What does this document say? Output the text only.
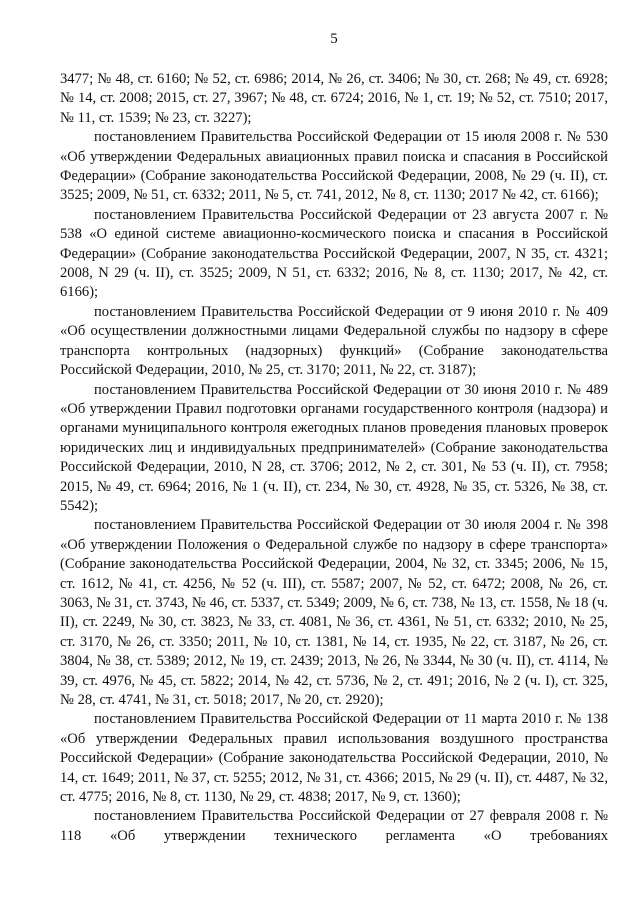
5

3477; № 48, ст. 6160; № 52, ст. 6986; 2014, № 26, ст. 3406; № 30, ст. 268; № 49, ст. 6928; № 14, ст. 2008; 2015, ст. 27, 3967; № 48, ст. 6724; 2016, № 1, ст. 19; № 52, ст. 7510; 2017, № 11, ст. 1539; № 23, ст. 3227);

постановлением Правительства Российской Федерации от 15 июля 2008 г. № 530 «Об утверждении Федеральных авиационных правил поиска и спасания в Российской Федерации» (Собрание законодательства Российской Федерации, 2008, № 29 (ч. II), ст. 3525; 2009, № 51, ст. 6332; 2011, № 5, ст. 741, 2012, № 8, ст. 1130; 2017 № 42, ст. 6166);

постановлением Правительства Российской Федерации от 23 августа 2007 г. № 538 «О единой системе авиационно-космического поиска и спасания в Российской Федерации» (Собрание законодательства Российской Федерации, 2007, N 35, ст. 4321; 2008, N 29 (ч. II), ст. 3525; 2009, N 51, ст. 6332; 2016, № 8, ст. 1130; 2017, № 42, ст. 6166);

постановлением Правительства Российской Федерации от 9 июня 2010 г. № 409 «Об осуществлении должностными лицами Федеральной службы по надзору в сфере транспорта контрольных (надзорных) функций» (Собрание законодательства Российской Федерации, 2010, № 25, ст. 3170; 2011, № 22, ст. 3187);

постановлением Правительства Российской Федерации от 30 июня 2010 г. № 489 «Об утверждении Правил подготовки органами государственного контроля (надзора) и органами муниципального контроля ежегодных планов проведения плановых проверок юридических лиц и индивидуальных предпринимателей» (Собрание законодательства Российской Федерации, 2010, N 28, ст. 3706; 2012, № 2, ст. 301, № 53 (ч. II), ст. 7958; 2015, № 49, ст. 6964; 2016, № 1 (ч. II), ст. 234, № 30, ст. 4928, № 35, ст. 5326, № 38, ст. 5542);

постановлением Правительства Российской Федерации от 30 июля 2004 г. № 398 «Об утверждении Положения о Федеральной службе по надзору в сфере транспорта» (Собрание законодательства Российской Федерации, 2004, № 32, ст. 3345; 2006, № 15, ст. 1612, № 41, ст. 4256, № 52 (ч. III), ст. 5587; 2007, № 52, ст. 6472; 2008, № 26, ст. 3063, № 31, ст. 3743, № 46, ст. 5337, ст. 5349; 2009, № 6, ст. 738, № 13, ст. 1558, № 18 (ч. II), ст. 2249, № 30, ст. 3823, № 33, ст. 4081, № 36, ст. 4361, № 51, ст. 6332; 2010, № 25, ст. 3170, № 26, ст. 3350; 2011, № 10, ст. 1381, № 14, ст. 1935, № 22, ст. 3187, № 26, ст. 3804, № 38, ст. 5389; 2012, № 19, ст. 2439; 2013, № 26, № 3344, № 30 (ч. II), ст. 4114, № 39, ст. 4976, № 45, ст. 5822; 2014, № 42, ст. 5736, № 2, ст. 491; 2016, № 2 (ч. I), ст. 325, № 28, ст. 4741, № 31, ст. 5018; 2017, № 20, ст. 2920);

постановлением Правительства Российской Федерации от 11 марта 2010 г. № 138 «Об утверждении Федеральных правил использования воздушного пространства Российской Федерации» (Собрание законодательства Российской Федерации, 2010, № 14, ст. 1649; 2011, № 37, ст. 5255; 2012, № 31, ст. 4366; 2015, № 29 (ч. II), ст. 4487, № 32, ст. 4775; 2016, № 8, ст. 1130, № 29, ст. 4838; 2017, № 9, ст. 1360);

постановлением Правительства Российской Федерации от 27 февраля 2008 г. № 118 «Об утверждении технического регламента «О требованиях
